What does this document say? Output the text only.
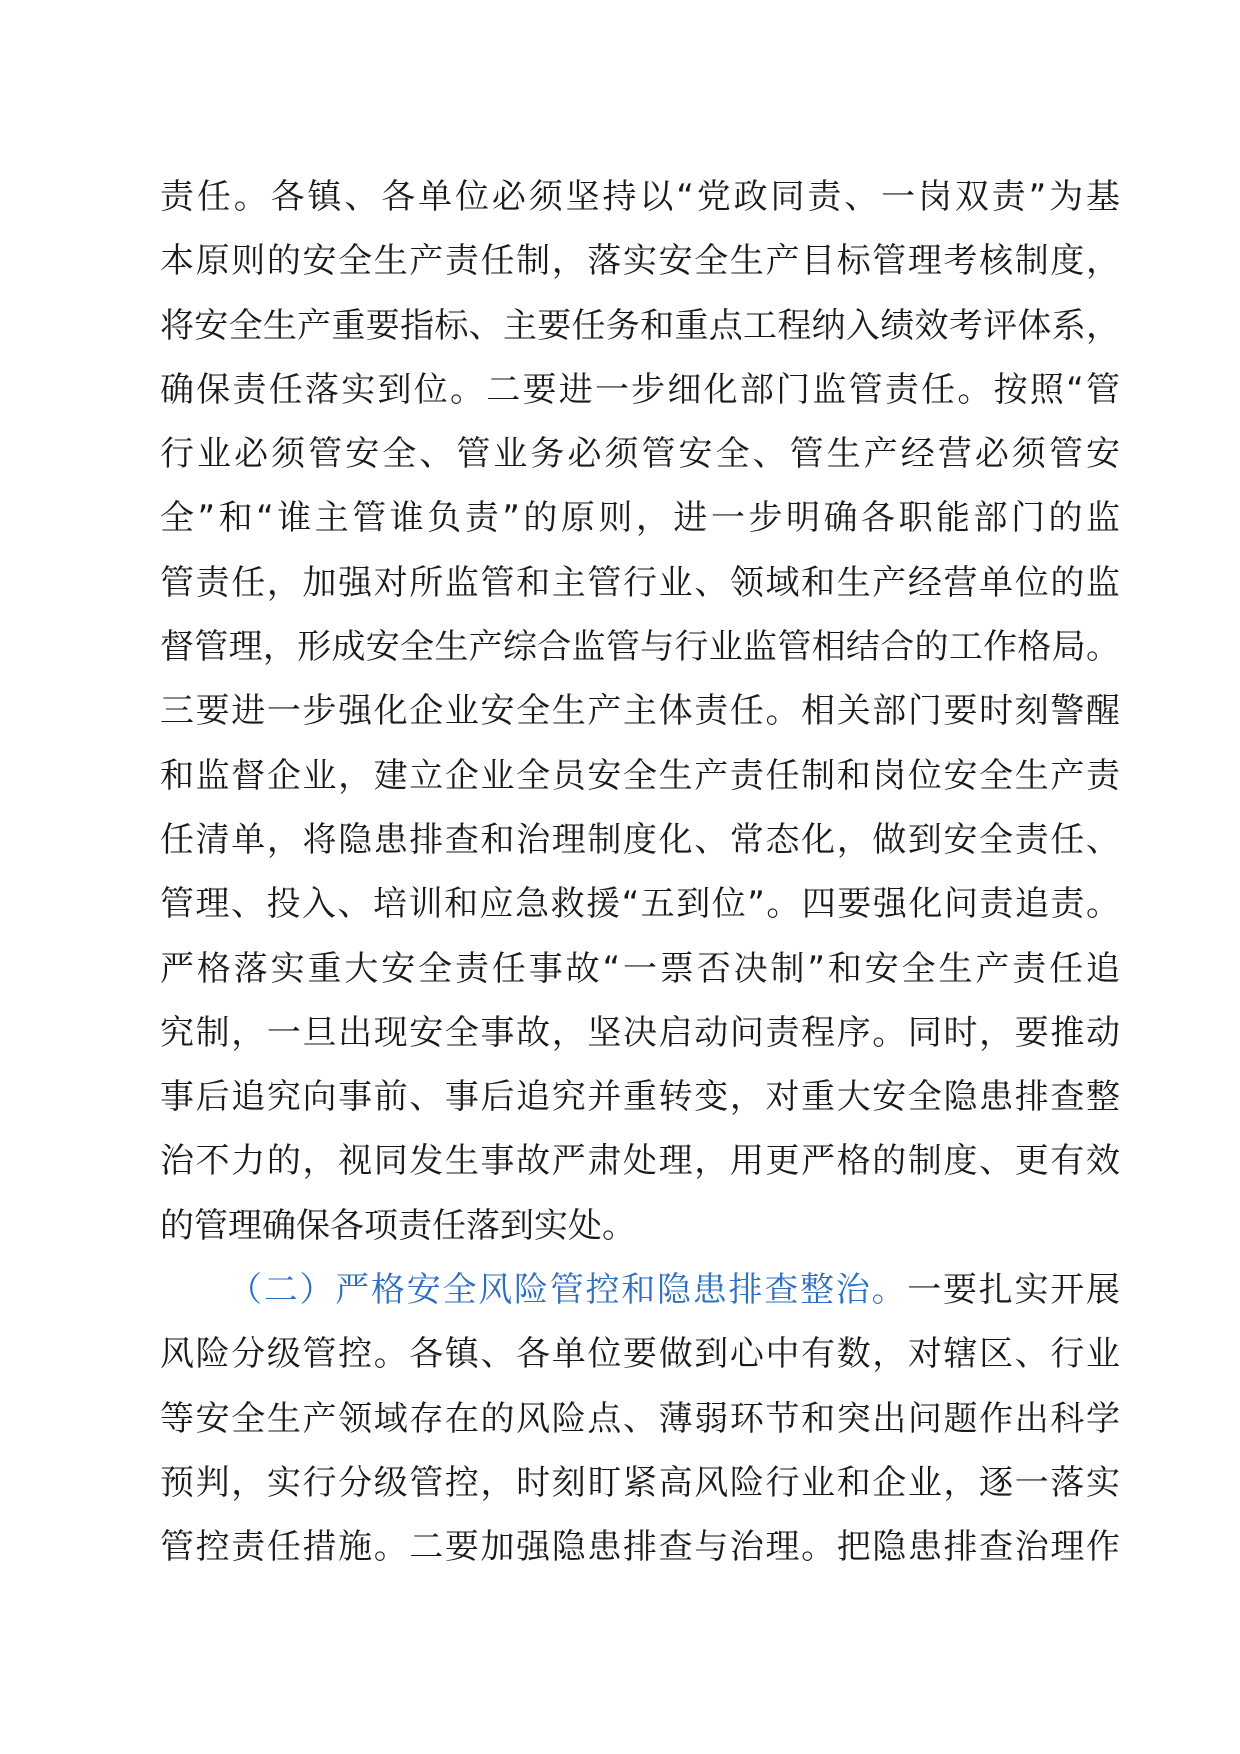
责任。各镇、各单位必须坚持以“党政同责、一岗双责”为基
本原则的安全生产责任制，落实安全生产目标管理考核制度，
将安全生产重要指标、主要任务和重点工程纳入绩效考评体系，
确保责任落实到位。二要进一步细化部门监管责任。按照“管
行业必须管安全、管业务必须管安全、管生产经营必须管安
全”和“谁主管谁负责”的原则，进一步明确各职能部门的监
管责任，加强对所监管和主管行业、领域和生产经营单位的监
督管理，形成安全生产综合监管与行业监管相结合的工作格局。
三要进一步强化企业安全生产主体责任。相关部门要时刻警醒
和监督企业，建立企业全员安全生产责任制和岗位安全生产责
任清单，将隐患排查和治理制度化、常态化，做到安全责任、
管理、投入、培训和应急救援“五到位”。四要强化问责追责。
严格落实重大安全责任事故“一票否决制”和安全生产责任追
究制，一旦出现安全事故，坚决启动问责程序。同时，要推动
事后追究向事前、事后追究并重转变，对重大安全隐患排查整
治不力的，视同发生事故严肃处理，用更严格的制度、更有效
的管理确保各项责任落到实处。
（二）严格安全风险管控和隐患排查整治。一要扎实开展
风险分级管控。各镇、各单位要做到心中有数，对辖区、行业
等安全生产领域存在的风险点、薄弱环节和突出问题作出科学
预判，实行分级管控，时刻盯紧高风险行业和企业，逐一落实
管控责任措施。二要加强隐患排查与治理。把隐患排查治理作
